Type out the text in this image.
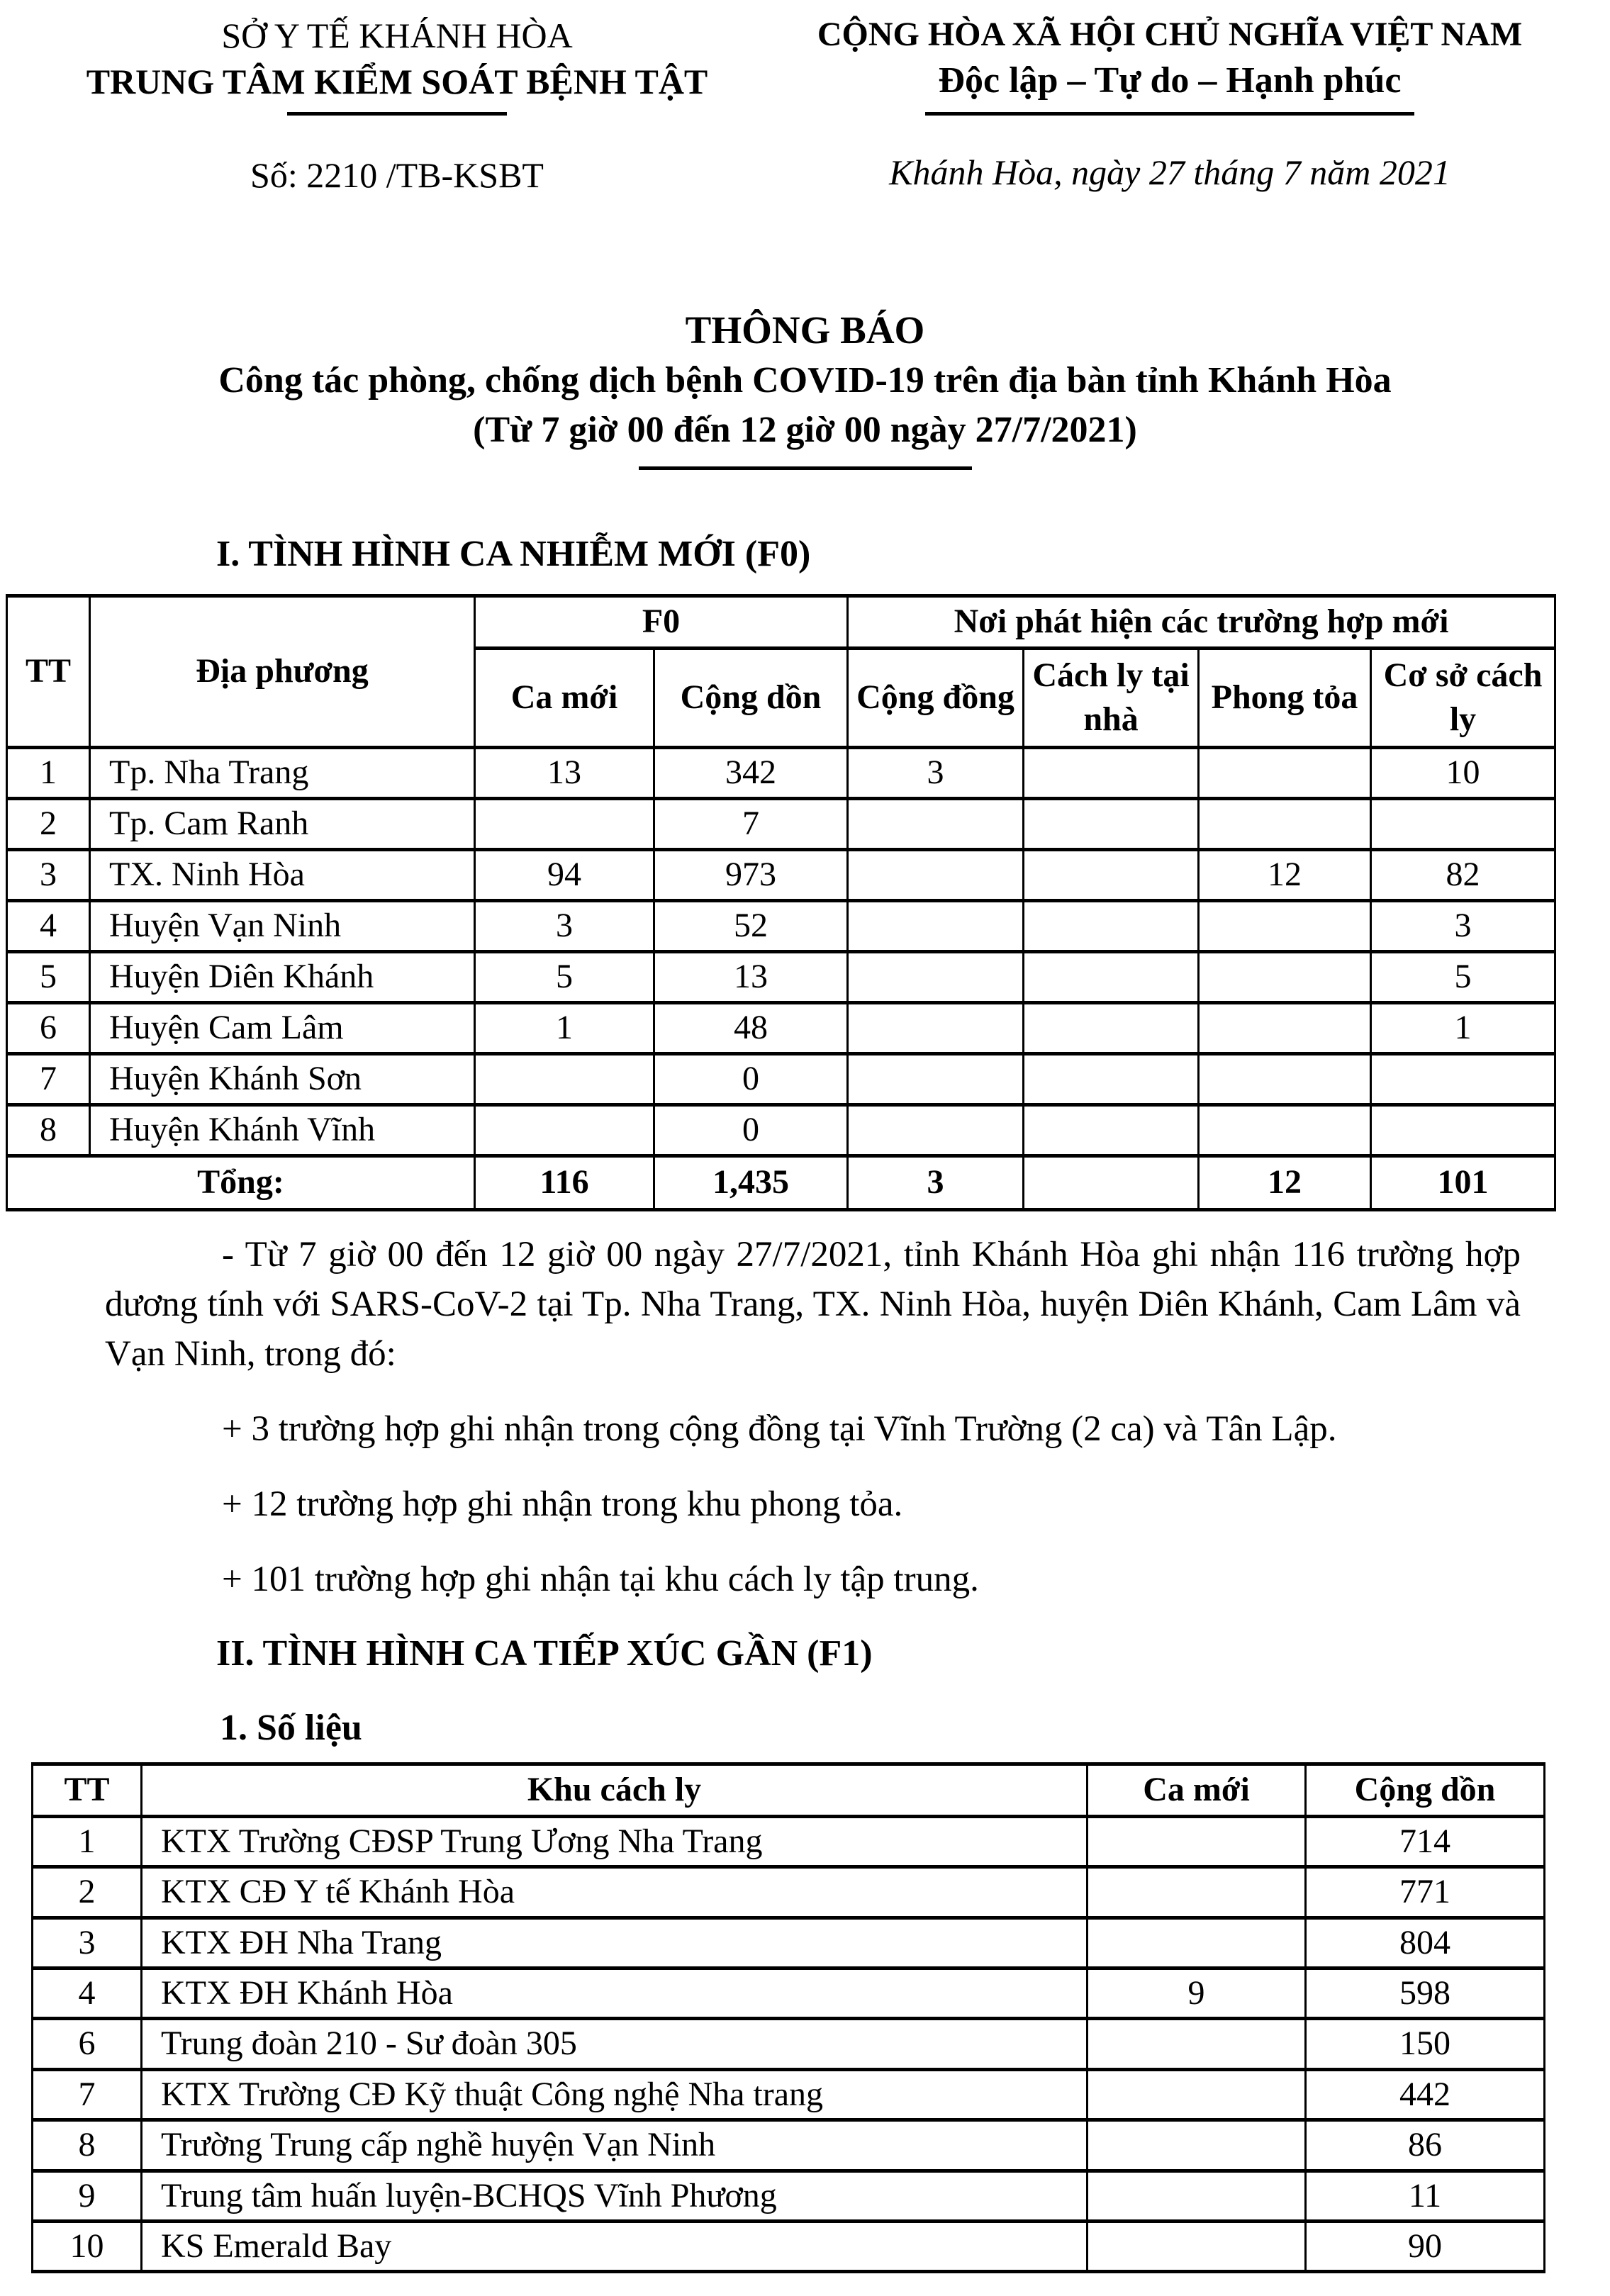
SỞ Y TẾ KHÁNH HÒA
TRUNG TÂM KIỂM SOÁT BỆNH TẬT
Số: 2210 /TB-KSBT
CỘNG HÒA XÃ HỘI CHỦ NGHĨA VIỆT NAM
Độc lập – Tự do – Hạnh phúc
Khánh Hòa, ngày 27 tháng 7 năm 2021
THÔNG BÁO
Công tác phòng, chống dịch bệnh COVID-19 trên địa bàn tỉnh Khánh Hòa
(Từ 7 giờ 00 đến 12 giờ 00 ngày 27/7/2021)
I. TÌNH HÌNH CA NHIỄM MỚI (F0)
TT	Địa phương	F0		Nơi phát hiện các trường hợp mới			
		Ca mới	Cộng dồn	Cộng đồng	Cách ly tại nhà	Phong tỏa	Cơ sở cách ly
1	Tp. Nha Trang	13	342	3			10
2	Tp. Cam Ranh		7				
3	TX. Ninh Hòa	94	973			12	82
4	Huyện Vạn Ninh	3	52				3
5	Huyện Diên Khánh	5	13				5
6	Huyện Cam Lâm	1	48				1
7	Huyện Khánh Sơn		0				
8	Huyện Khánh Vĩnh		0				
Tổng:		116	1,435	3		12	101
- Từ 7 giờ 00 đến 12 giờ 00 ngày 27/7/2021, tỉnh Khánh Hòa ghi nhận 116 trường hợp dương tính với SARS-CoV-2 tại Tp. Nha Trang, TX. Ninh Hòa, huyện Diên Khánh, Cam Lâm và Vạn Ninh, trong đó:
+ 3 trường hợp ghi nhận trong cộng đồng tại Vĩnh Trường (2 ca) và Tân Lập.
+ 12 trường hợp ghi nhận trong khu phong tỏa.
+ 101 trường hợp ghi nhận tại khu cách ly tập trung.
II. TÌNH HÌNH CA TIẾP XÚC GẦN (F1)
1. Số liệu
TT	Khu cách ly	Ca mới	Cộng dồn
1	KTX Trường CĐSP Trung Ương Nha Trang		714
2	KTX CĐ Y tế Khánh Hòa		771
3	KTX ĐH Nha Trang		804
4	KTX ĐH Khánh Hòa	9	598
6	Trung đoàn 210 - Sư đoàn 305		150
7	KTX Trường CĐ Kỹ thuật Công nghệ Nha trang		442
8	Trường Trung cấp nghề huyện Vạn Ninh		86
9	Trung tâm huấn luyện-BCHQS Vĩnh Phương		11
10	KS Emerald Bay		90
